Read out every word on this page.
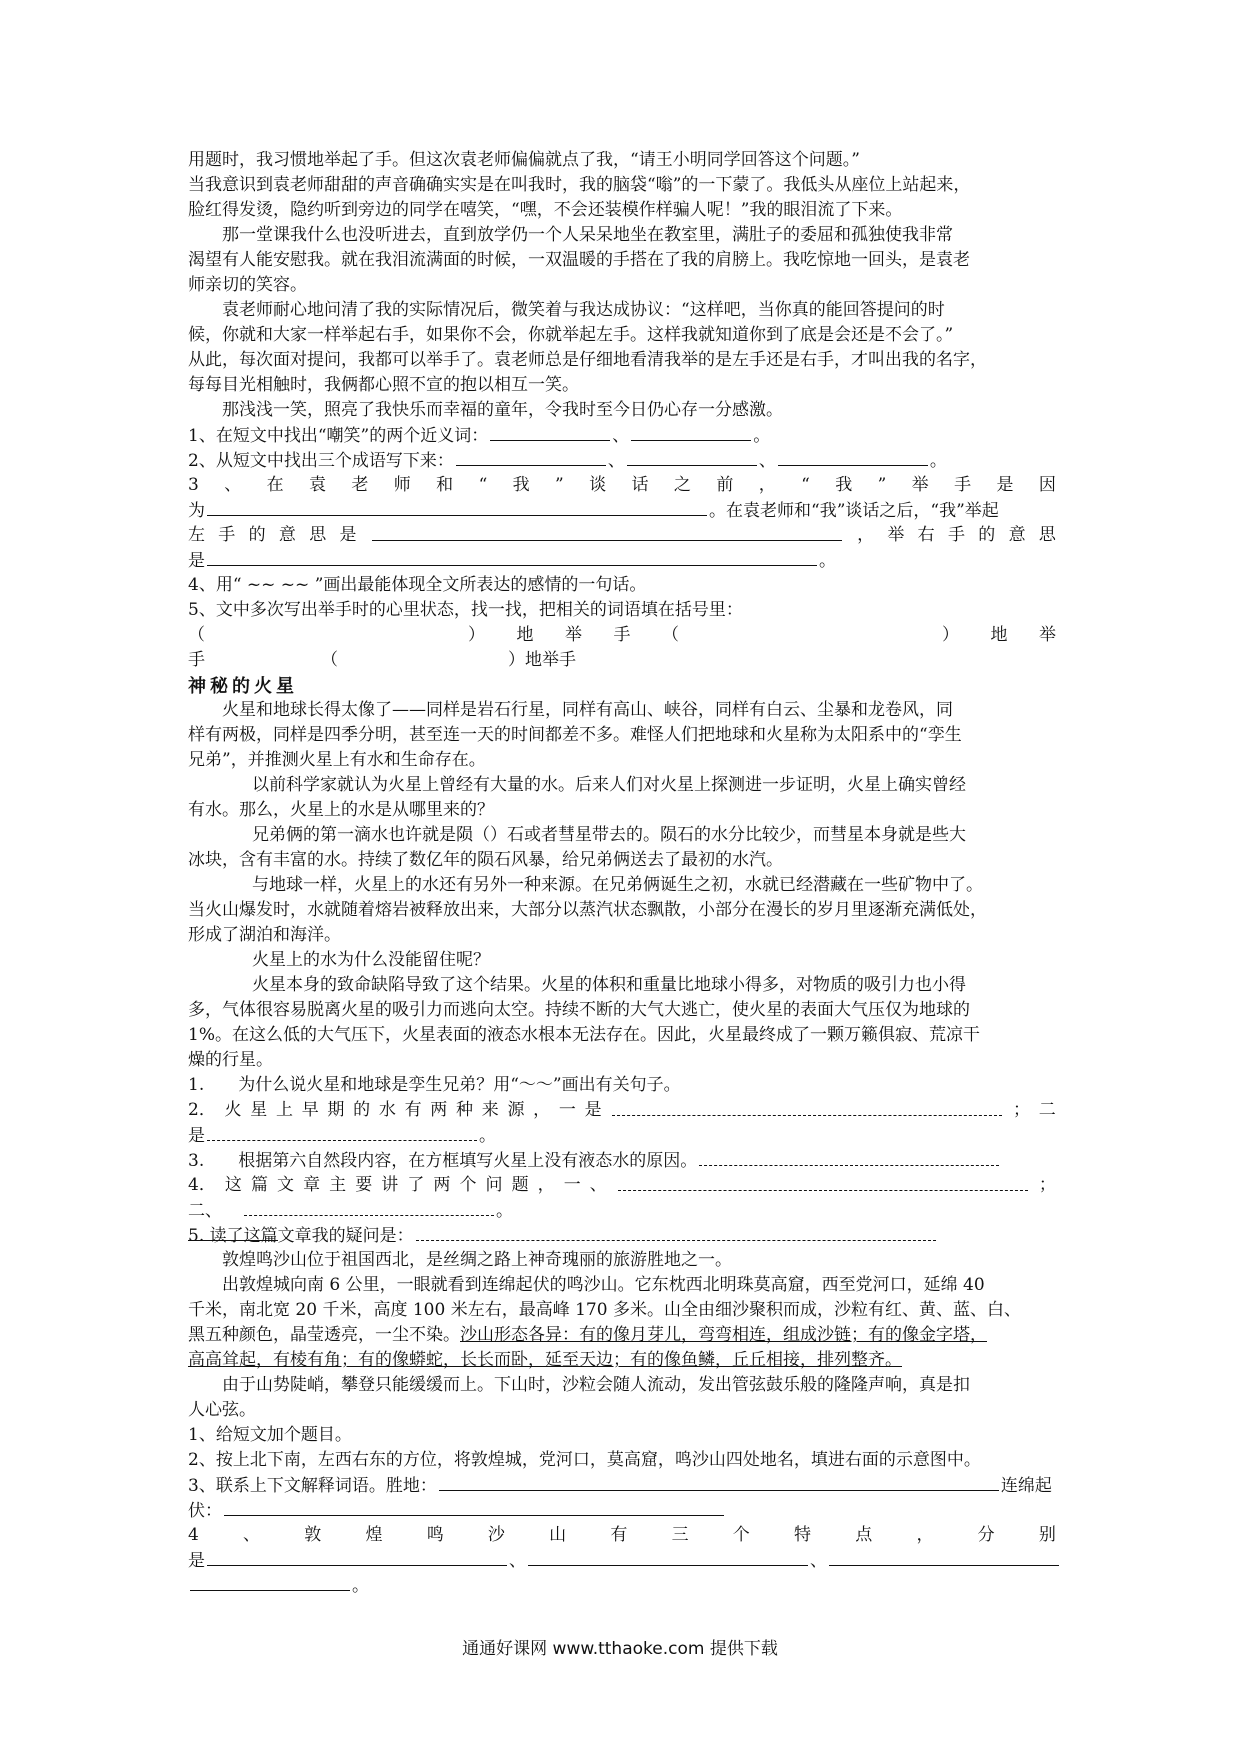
用题时，我习惯地举起了手。但这次袁老师偏偏就点了我，“请王小明同学回答这个问题。”
当我意识到袁老师甜甜的声音确确实实是在叫我时，我的脑袋“嗡”的一下蒙了。我低头从座位上站起来，
脸红得发烫，隐约听到旁边的同学在嘻笑，“嘿，不会还装模作样骗人呢！”我的眼泪流了下来。
那一堂课我什么也没听进去，直到放学仍一个人呆呆地坐在教室里，满肚子的委屈和孤独使我非常
渴望有人能安慰我。就在我泪流满面的时候，一双温暖的手搭在了我的肩膀上。我吃惊地一回头，是袁老
师亲切的笑容。
袁老师耐心地问清了我的实际情况后，微笑着与我达成协议：“这样吧，当你真的能回答提问的时
候，你就和大家一样举起右手，如果你不会，你就举起左手。这样我就知道你到了底是会还是不会了。”
从此，每次面对提问，我都可以举手了。袁老师总是仔细地看清我举的是左手还是右手，才叫出我的名字，
每每目光相触时，我俩都心照不宣的抱以相互一笑。
那浅浅一笑，照亮了我快乐而幸福的童年，令我时至今日仍心存一分感激。
1、在短文中找出“嘲笑”的两个近义词：	、	。
2、从短文中找出三个成语写下来：	、	、	。
3 、 在 袁 老 师 和 “ 我 ” 谈 话 之 前 ， “ 我 ” 举 手 是 因
为	。在袁老师和“我”谈话之后，“我”举起
左 手 的 意 思 是	， 举 右 手 的 意 思
是	。
4、用“ ~~ ~~ ”画出最能体现全文所表达的感情的一句话。
5、文中多次写出举手时的心里状态，找一找，把相关的词语填在括号里：
（	） 地 举 手 （	） 地 举
手	（	）地举手
神秘的火星
火星和地球长得太像了——同样是岩石行星，同样有高山、峡谷，同样有白云、尘暴和龙卷风，同
样有两极，同样是四季分明，甚至连一天的时间都差不多。难怪人们把地球和火星称为太阳系中的“孪生
兄弟”，并推测火星上有水和生命存在。
以前科学家就认为火星上曾经有大量的水。后来人们对火星上探测进一步证明，火星上确实曾经
有水。那么，火星上的水是从哪里来的？
兄弟俩的第一滴水也许就是陨（）石或者彗星带去的。陨石的水分比较少，而彗星本身就是些大
冰块，含有丰富的水。持续了数亿年的陨石风暴，给兄弟俩送去了最初的水汽。
与地球一样，火星上的水还有另外一种来源。在兄弟俩诞生之初，水就已经潜藏在一些矿物中了。
当火山爆发时，水就随着熔岩被释放出来，大部分以蒸汽状态飘散，小部分在漫长的岁月里逐渐充满低处，
形成了湖泊和海洋。
火星上的水为什么没能留住呢？
火星本身的致命缺陷导致了这个结果。火星的体积和重量比地球小得多，对物质的吸引力也小得
多，气体很容易脱离火星的吸引力而逃向太空。持续不断的大气大逃亡，使火星的表面大气压仅为地球的
1%。在这么低的大气压下，火星表面的液态水根本无法存在。因此，火星最终成了一颗万籁俱寂、荒凉干
燥的行星。
1.　　为什么说火星和地球是孪生兄弟？用“～～”画出有关句子。
2． 火 星 上 早 期 的 水 有 两 种 来 源 ， 一 是	； 二
是	。
3.　　根据第六自然段内容，在方框填写火星上没有液态水的原因。
4． 这 篇 文 章 主 要 讲 了 两 个 问 题 ， 一 、	；
二、	。
5. 读了这篇文章我的疑问是：
敦煌鸣沙山位于祖国西北，是丝绸之路上神奇瑰丽的旅游胜地之一。
出敦煌城向南 6 公里，一眼就看到连绵起伏的鸣沙山。它东枕西北明珠莫高窟，西至党河口，延绵 40
千米，南北宽 20 千米，高度 100 米左右，最高峰 170 多米。山全由细沙聚积而成，沙粒有红、黄、蓝、白、
黑五种颜色，晶莹透亮，一尘不染。沙山形态各异：有的像月芽儿，弯弯相连，组成沙链；有的像金字塔，
高高耸起，有棱有角；有的像蟒蛇，长长而卧，延至天边；有的像鱼鳞，丘丘相接，排列整齐。
由于山势陡峭，攀登只能缓缓而上。下山时，沙粒会随人流动，发出管弦鼓乐般的隆隆声响，真是扣
人心弦。
1、给短文加个题目。
2、按上北下南，左西右东的方位，将敦煌城，党河口，莫高窟，鸣沙山四处地名，填进右面的示意图中。
3、联系上下文解释词语。胜地：	连绵起
伏：
4	、	敦	煌	鸣	沙	山	有	三	个	特	点	，	分	别
是	、	、
。
通通好课网 www.tthaoke.com 提供下载
